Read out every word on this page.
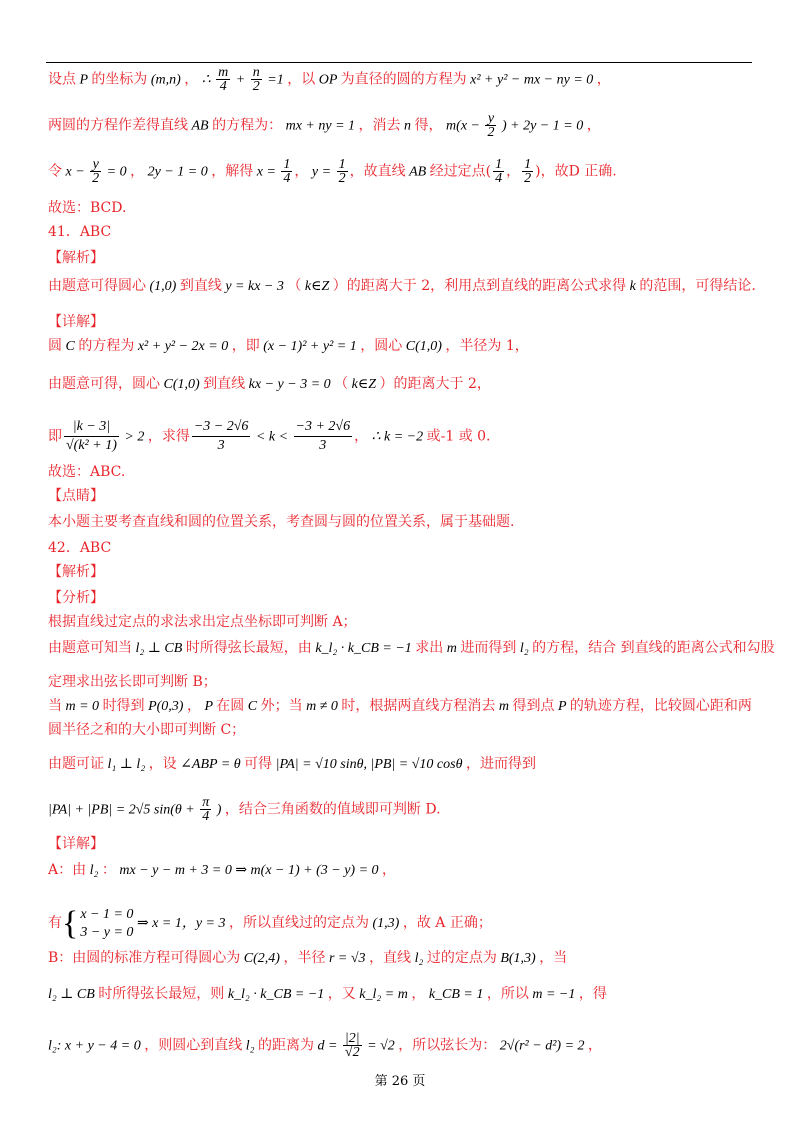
设点 P 的坐标为 (m,n) ， ∴ $\frac{m}{4} + \frac{n}{2} =1$ ，以 OP 为直径的圆的方程为 x² + y² − mx − ny = 0 ，
两圆的方程作差得直线 AB 的方程为： mx + ny = 1 ，消去 n 得， $m(x - \frac{y}{2}$ ) + 2y − 1 = 0 ，
令 $x - \frac{y}{2} = 0$ ， 2y − 1 = 0 ，解得 $x = \frac{1}{4}$ ， $y = \frac{1}{2}$ ，故直线 AB 经过定点( $\frac{1}{4}$ ， $\frac{1}{2}$ )，故D 正确.
故选：BCD.
41．ABC
【解析】
由题意可得圆心 (1,0) 到直线 y = kx − 3 （ k∈Z ）的距离大于 2，利用点到直线的距离公式求得 k 的范围，可得结论.
【详解】
圆 C 的方程为 x² + y² − 2x = 0 ，即 (x − 1)² + y² = 1 ，圆心 C(1,0) ，半径为 1，
由题意可得，圆心 C(1,0) 到直线 kx − y − 3 = 0 （ k∈Z ）的距离大于 2，
即 $\frac{|k - 3|}{\text{√(k² + 1)}} > 2$ ，求得 $\frac{-3 - 2√6}{3} < k < \frac{-3 + 2√6}{3}$ ， ∴ k = −2 或-1 或 0.
故选：ABC.
【点睛】
本小题主要考查直线和圆的位置关系，考查圆与圆的位置关系，属于基础题.
42．ABC
【解析】
【分析】
根据直线过定点的求法求出定点坐标即可判断 A；
由题意可知当 l₂ ⊥ CB 时所得弦长最短，由 k_l₂ · k_CB = −1 求出 m 进而得到 l₂ 的方程，结合 到直线的距离公式和勾股
定理求出弦长即可判断 B；
当 m = 0 时得到 P(0,3) ， P 在圆 C 外；当 m ≠ 0 时，根据两直线方程消去 m 得到点 P 的轨迹方程，比较圆心距和两
圆半径之和的大小即可判断 C；
由题可证 l₁ ⊥ l₂ ，设 ∠ABP = θ 可得 |PA| = √10 sinθ, |PB| = √10 cosθ ，进而得到
|PA| + |PB| = 2√5 $\sin(\theta + \frac{\pi}{4}$ ) ，结合三角函数的值域即可判断 D.
【详解】
A：由 l₂ ： mx − y − m + 3 = 0 ⇒ m(x − 1) + (3 − y) = 0 ，
有{ x − 1 = 0
3 − y = 0
⇒ x = 1，y = 3 ，所以直线过的定点为 (1,3) ，故 A 正确；
B：由圆的标准方程可得圆心为 C(2,4) ，半径 r = √3 ，直线 l₂ 过的定点为 B(1,3) ，当
l₂ ⊥ CB 时所得弦长最短，则 k_l₂ · k_CB = −1 ，又 k_l₂ = m ， k_CB = 1 ，所以 m = −1 ，得
l₂: x + y − 4 = 0 ，则圆心到直线 l₂ 的距离为 $d = \frac{|2|}{√2} = √2$ ，所以弦长为： 2√(r² − d²) = 2 ，
第 26 页
